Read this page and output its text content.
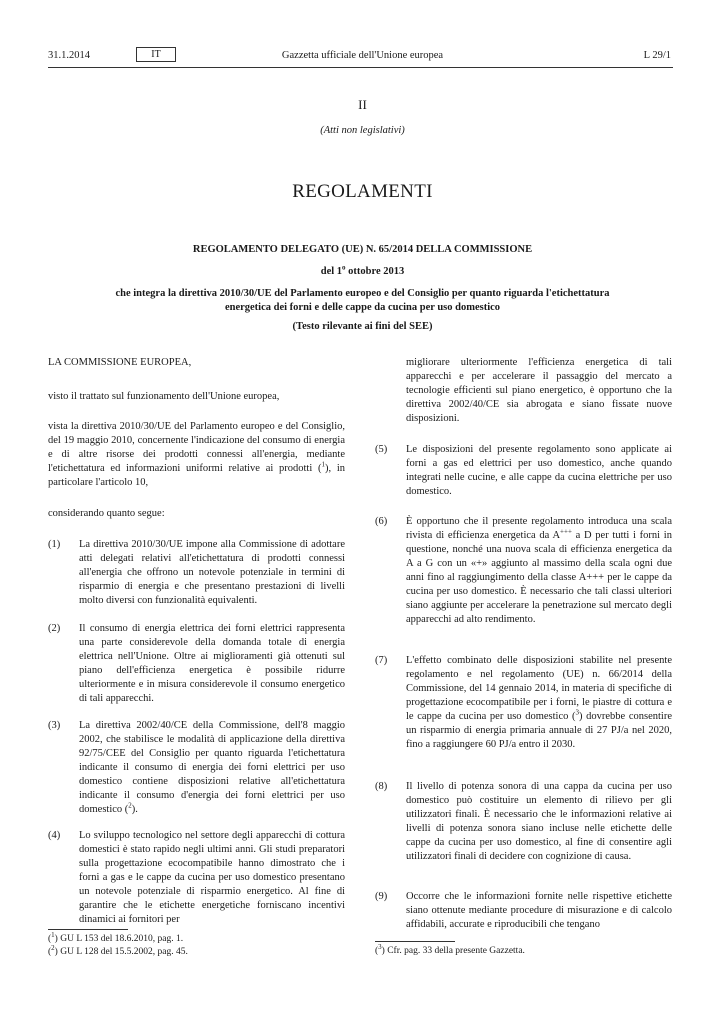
31.1.2014	IT	Gazzetta ufficiale dell'Unione europea	L 29/1
II
(Atti non legislativi)
REGOLAMENTI
REGOLAMENTO DELEGATO (UE) N. 65/2014 DELLA COMMISSIONE
del 1$^o$ ottobre 2013
che integra la direttiva 2010/30/UE del Parlamento europeo e del Consiglio per quanto riguarda l'etichettatura energetica dei forni e delle cappe da cucina per uso domestico
(Testo rilevante ai fini del SEE)
LA COMMISSIONE EUROPEA,
visto il trattato sul funzionamento dell'Unione europea,
vista la direttiva 2010/30/UE del Parlamento europeo e del Consiglio, del 19 maggio 2010, concernente l'indicazione del consumo di energia e di altre risorse dei prodotti connessi all'energia, mediante l'etichettatura ed informazioni uniformi relative ai prodotti ($^1$), in particolare l'articolo 10,
considerando quanto segue:
(1) La direttiva 2010/30/UE impone alla Commissione di adottare atti delegati relativi all'etichettatura di prodotti connessi all'energia che offrono un notevole potenziale in termini di risparmio di energia e che presentano prestazioni di livelli molto diversi con funzionalità equivalenti.
(2) Il consumo di energia elettrica dei forni elettrici rappresenta una parte considerevole della domanda totale di energia elettrica nell'Unione. Oltre ai miglioramenti già ottenuti sul piano dell'efficienza energetica è possibile ridurre ulteriormente e in misura considerevole il consumo energetico di tali apparecchi.
(3) La direttiva 2002/40/CE della Commissione, dell'8 maggio 2002, che stabilisce le modalità di applicazione della direttiva 92/75/CEE del Consiglio per quanto riguarda l'etichettatura indicante il consumo di energia dei forni elettrici per uso domestico contiene disposizioni relative all'etichettatura indicante il consumo d'energia dei forni elettrici per uso domestico ($^2$).
(4) Lo sviluppo tecnologico nel settore degli apparecchi di cottura domestici è stato rapido negli ultimi anni. Gli studi preparatori sulla progettazione ecocompatibile hanno dimostrato che i forni a gas e le cappe da cucina per uso domestico presentano un notevole potenziale di risparmio energetico. Al fine di garantire che le etichette energetiche forniscano incentivi dinamici ai fornitori per
($^1$) GU L 153 del 18.6.2010, pag. 1.
($^2$) GU L 128 del 15.5.2002, pag. 45.
migliorare ulteriormente l'efficienza energetica di tali apparecchi e per accelerare il passaggio del mercato a tecnologie efficienti sul piano energetico, è opportuno che la direttiva 2002/40/CE sia abrogata e siano fissate nuove disposizioni.
(5) Le disposizioni del presente regolamento sono applicate ai forni a gas ed elettrici per uso domestico, anche quando integrati nelle cucine, e alle cappe da cucina elettriche per uso domestico.
(6) È opportuno che il presente regolamento introduca una scala rivista di efficienza energetica da A+++ a D per tutti i forni in questione, nonché una nuova scala di efficienza energetica da A a G con un «+» aggiunto al massimo della scala ogni due anni fino al raggiungimento della classe A+++ per le cappe da cucina per uso domestico. È necessario che tali classi ulteriori siano aggiunte per accelerare la penetrazione sul mercato degli apparecchi ad alto rendimento.
(7) L'effetto combinato delle disposizioni stabilite nel presente regolamento e nel regolamento (UE) n. 66/2014 della Commissione, del 14 gennaio 2014, in materia di specifiche di progettazione ecocompatibile per i forni, le piastre di cottura e le cappe da cucina per uso domestico ($^3$) dovrebbe consentire un risparmio di energia primaria annuale di 27 PJ/a nel 2020, fino a raggiungere 60 PJ/a entro il 2030.
(8) Il livello di potenza sonora di una cappa da cucina per uso domestico può costituire un elemento di rilievo per gli utilizzatori finali. È necessario che le informazioni relative ai livelli di potenza sonora siano incluse nelle etichette delle cappe da cucina per uso domestico, al fine di consentire agli utilizzatori finali di decidere con cognizione di causa.
(9) Occorre che le informazioni fornite nelle rispettive etichette siano ottenute mediante procedure di misurazione e di calcolo affidabili, accurate e riproducibili che tengano
($^3$) Cfr. pag. 33 della presente Gazzetta.
